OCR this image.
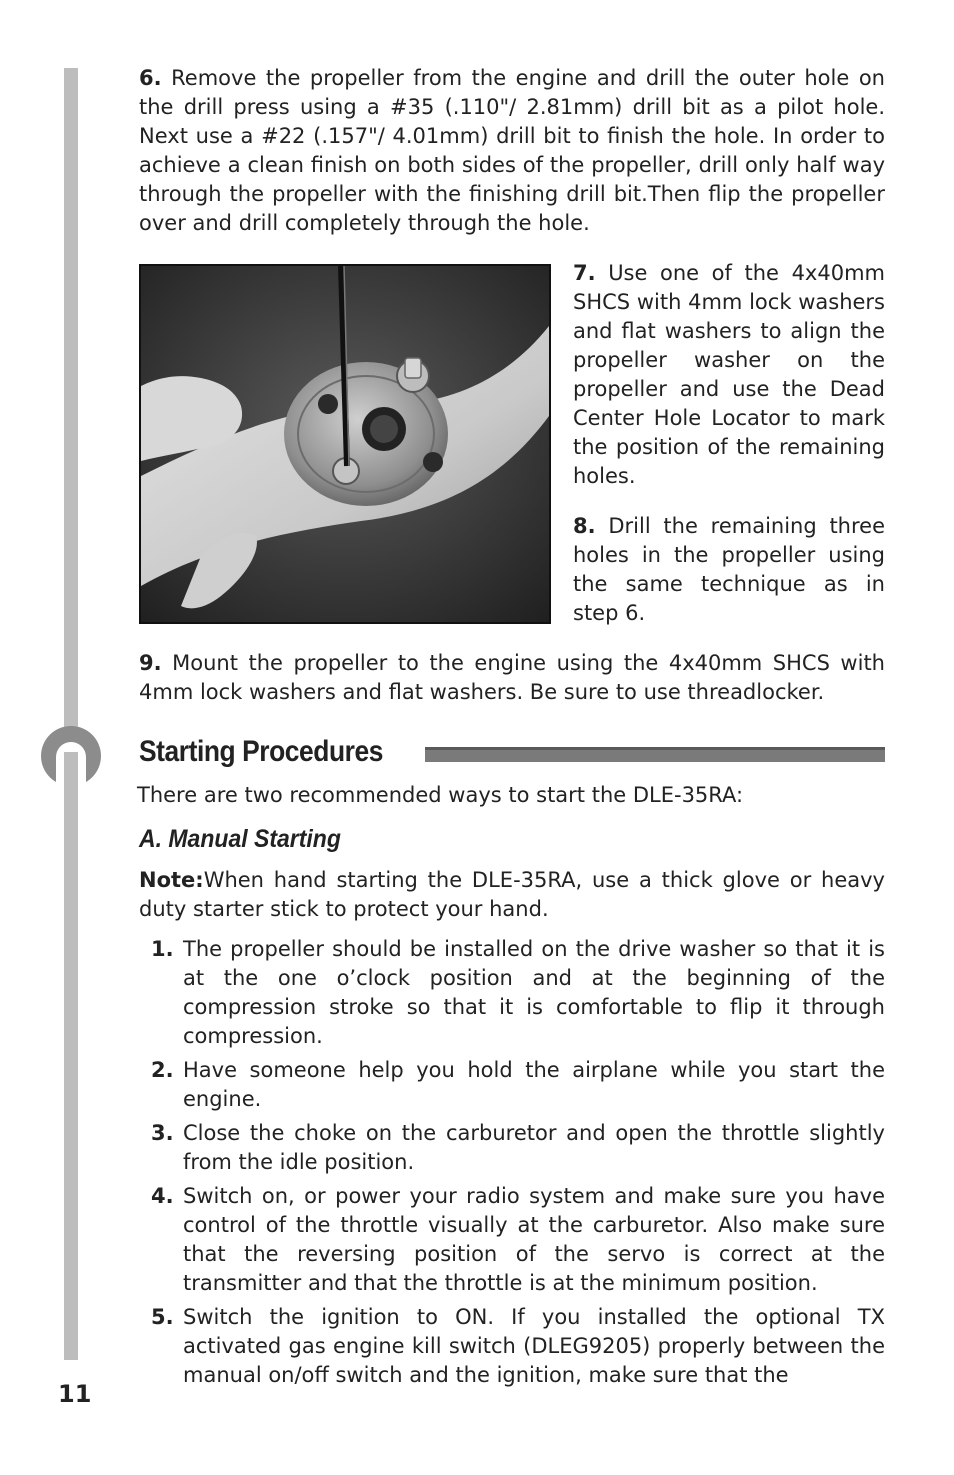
6. Remove the propeller from the engine and drill the outer hole on the drill press using a #35 (.110"/ 2.81mm) drill bit as a pilot hole. Next use a #22 (.157"/ 4.01mm) drill bit to finish the hole. In order to achieve a clean finish on both sides of the propeller, drill only half way through the propeller with the finishing drill bit.Then flip the propeller over and drill completely through the hole.

7. Use one of the 4x40mm SHCS with 4mm lock washers and flat washers to align the propeller washer on the propeller and use the Dead Center Hole Locator to mark the position of the remaining holes.

8. Drill the remaining three holes in the propeller using the same technique as in step 6.

9. Mount the propeller to the engine using the 4x40mm SHCS with 4mm lock washers and flat washers. Be sure to use threadlocker.

Starting Procedures

There are two recommended ways to start the DLE-35RA:

A. Manual Starting

Note:When hand starting the DLE-35RA, use a thick glove or heavy duty starter stick to protect your hand.

1. The propeller should be installed on the drive washer so that it is at the one o’clock position and at the beginning of the compression stroke so that it is comfortable to flip it through compression.
2. Have someone help you hold the airplane while you start the engine.
3. Close the choke on the carburetor and open the throttle slightly from the idle position.
4. Switch on, or power your radio system and make sure you have control of the throttle visually at the carburetor. Also make sure that the reversing position of the servo is correct at the transmitter and that the throttle is at the minimum position.
5. Switch the ignition to ON. If you installed the optional TX activated gas engine kill switch (DLEG9205) properly between the manual on/off switch and the ignition, make sure that the
11
